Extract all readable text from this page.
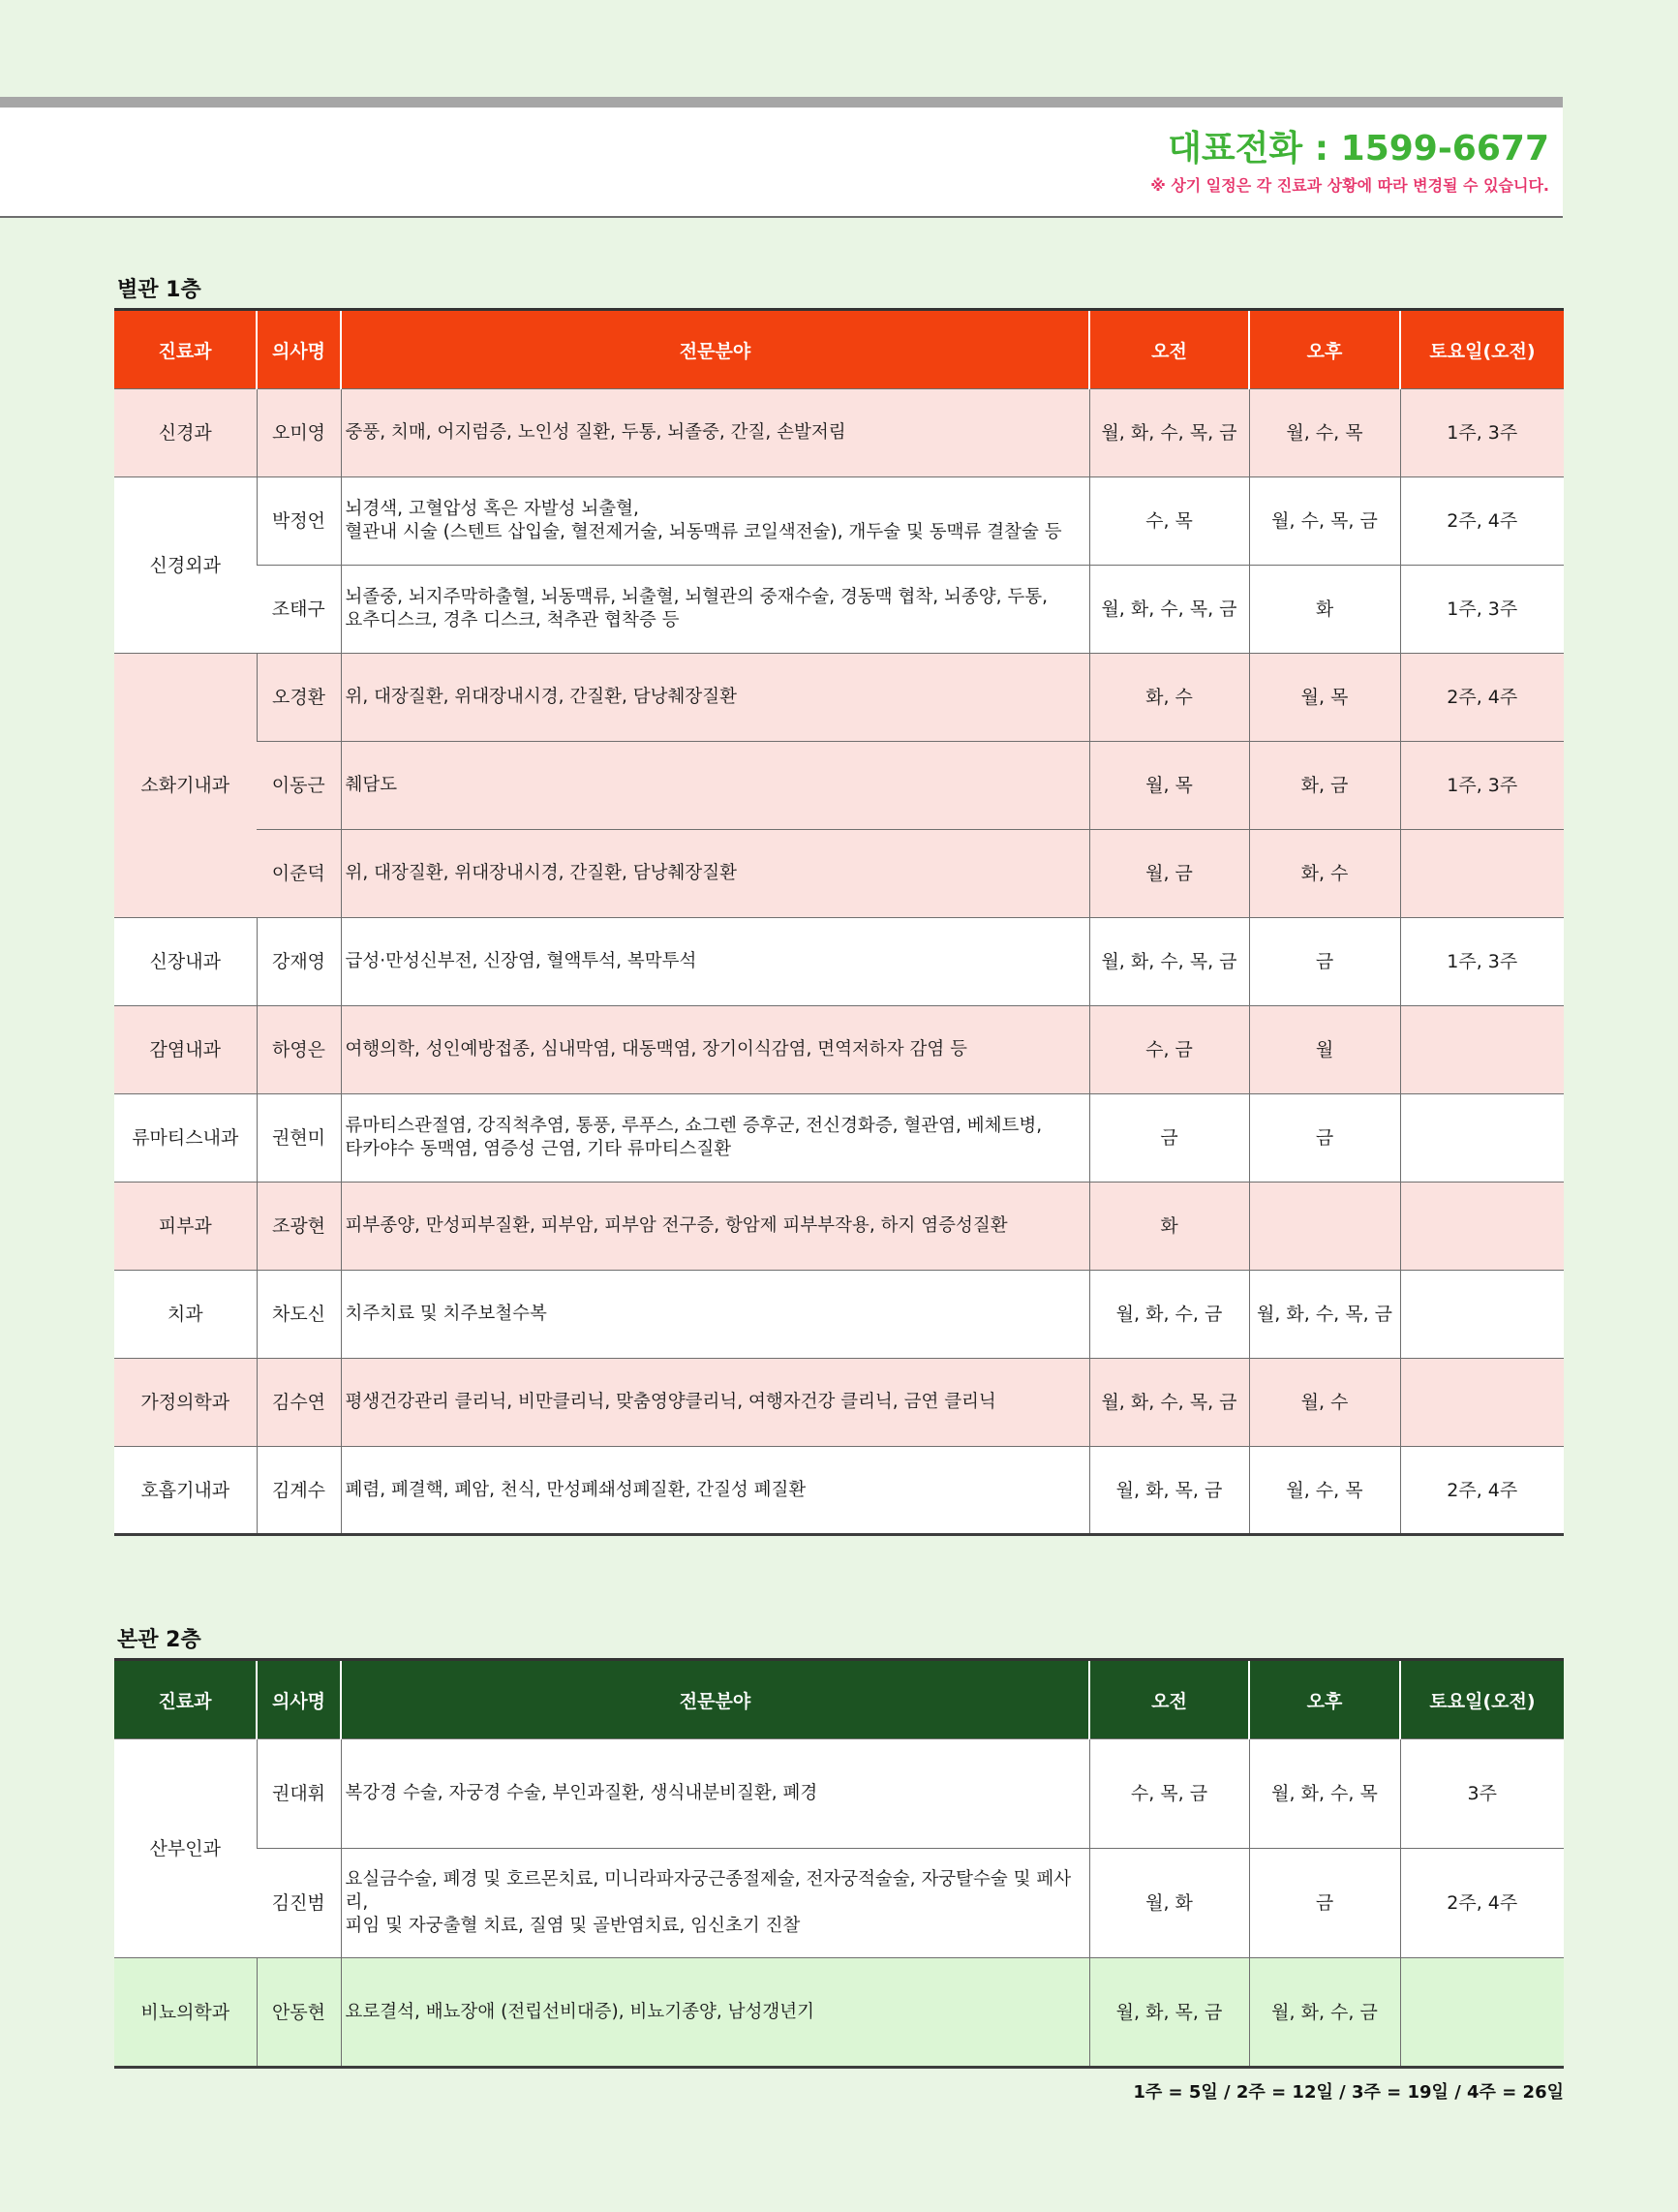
대표전화 : 1599-6677
※ 상기 일정은 각 진료과 상황에 따라 변경될 수 있습니다.
별관 1층
진료과	의사명	전문분야	오전	오후	토요일(오전)
신경과	오미영	중풍, 치매, 어지럼증, 노인성 질환, 두통, 뇌졸중, 간질, 손발저림	월, 화, 수, 목, 금	월, 수, 목	1주, 3주
신경외과	박정언	뇌경색, 고혈압성 혹은 자발성 뇌출혈,
혈관내 시술 (스텐트 삽입술, 혈전제거술, 뇌동맥류 코일색전술), 개두술 및 동맥류 결찰술 등	수, 목	월, 수, 목, 금	2주, 4주
	조태구	뇌졸중, 뇌지주막하출혈, 뇌동맥류, 뇌출혈, 뇌혈관의 중재수술, 경동맥 협착, 뇌종양, 두통,
요추디스크, 경추 디스크, 척추관 협착증 등	월, 화, 수, 목, 금	화	1주, 3주
소화기내과	오경환	위, 대장질환, 위대장내시경, 간질환, 담낭췌장질환	화, 수	월, 목	2주, 4주
	이동근	췌담도	월, 목	화, 금	1주, 3주
	이준덕	위, 대장질환, 위대장내시경, 간질환, 담낭췌장질환	월, 금	화, 수	
신장내과	강재영	급성·만성신부전, 신장염, 혈액투석, 복막투석	월, 화, 수, 목, 금	금	1주, 3주
감염내과	하영은	여행의학, 성인예방접종, 심내막염, 대동맥염, 장기이식감염, 면역저하자 감염 등	수, 금	월	
류마티스내과	권현미	류마티스관절염, 강직척추염, 통풍, 루푸스, 쇼그렌 증후군, 전신경화증, 혈관염, 베체트병,
타카야수 동맥염, 염증성 근염, 기타 류마티스질환	금	금	
피부과	조광현	피부종양, 만성피부질환, 피부암, 피부암 전구증, 항암제 피부부작용, 하지 염증성질환	화		
치과	차도신	치주치료 및 치주보철수복	월, 화, 수, 금	월, 화, 수, 목, 금	
가정의학과	김수연	평생건강관리 클리닉, 비만클리닉, 맞춤영양클리닉, 여행자건강 클리닉, 금연 클리닉	월, 화, 수, 목, 금	월, 수	
호흡기내과	김계수	폐렴, 폐결핵, 폐암, 천식, 만성폐쇄성폐질환, 간질성 폐질환	월, 화, 목, 금	월, 수, 목	2주, 4주
본관 2층
진료과	의사명	전문분야	오전	오후	토요일(오전)
산부인과	권대휘	복강경 수술, 자궁경 수술, 부인과질환, 생식내분비질환, 폐경	수, 목, 금	월, 화, 수, 목	3주
	김진범	요실금수술, 폐경 및 호르몬치료, 미니라파자궁근종절제술, 전자궁적술술, 자궁탈수술 및 페사리,
피임 및 자궁출혈 치료, 질염 및 골반염치료, 임신초기 진찰	월, 화	금	2주, 4주
비뇨의학과	안동현	요로결석, 배뇨장애 (전립선비대증), 비뇨기종양, 남성갱년기	월, 화, 목, 금	월, 화, 수, 금	
1주 = 5일 / 2주 = 12일 / 3주 = 19일 / 4주 = 26일
